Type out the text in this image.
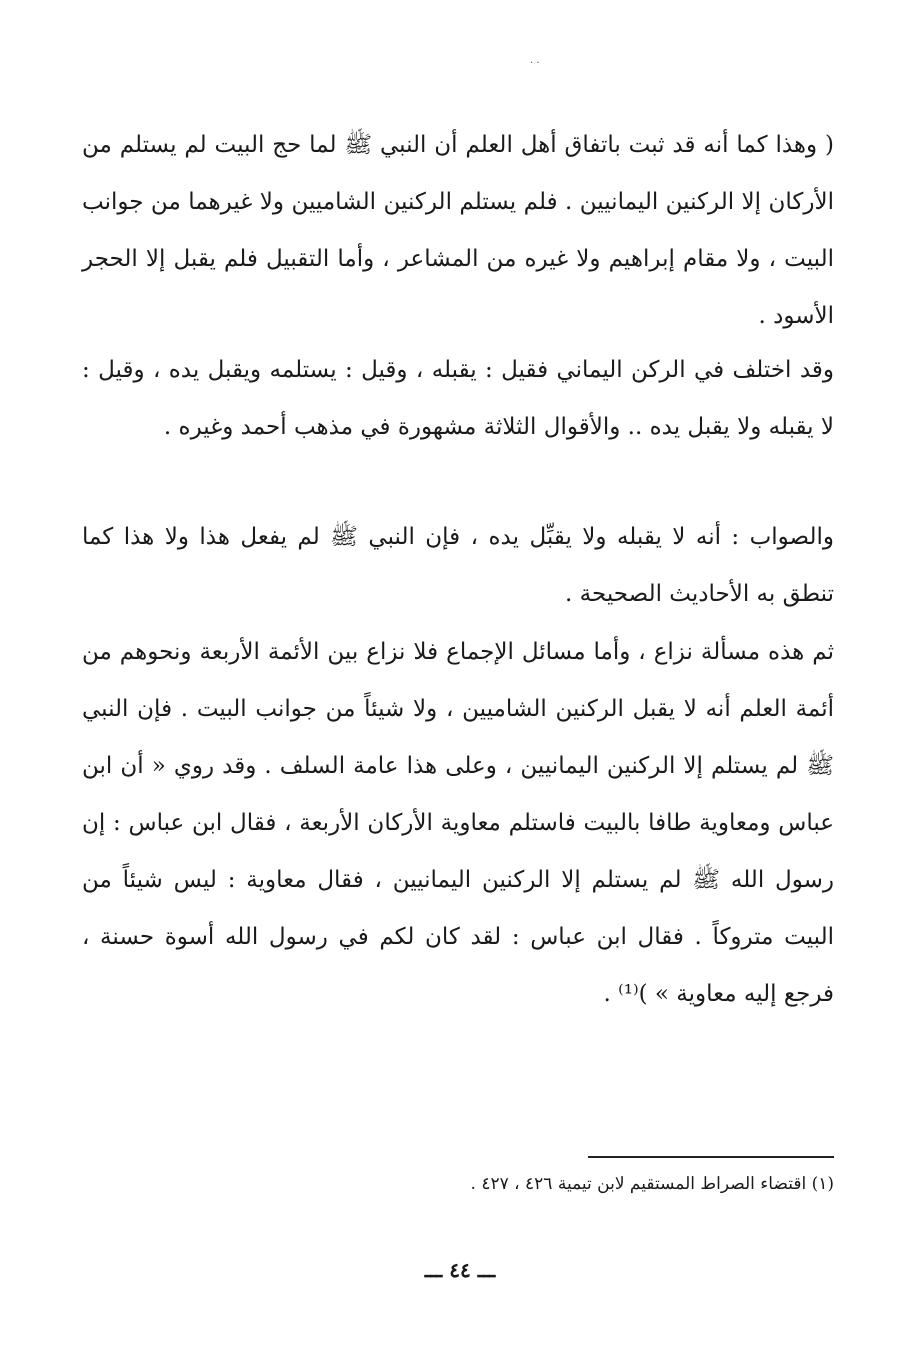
· ·

( وهذا كما أنه قد ثبت باتفاق أهل العلم أن النبي ﷺ لما حج البيت لم يستلم من الأركان إلا الركنين اليمانيين . فلم يستلم الركنين الشاميين ولا غيرهما من جوانب البيت ، ولا مقام إبراهيم ولا غيره من المشاعر ، وأما التقبيل فلم يقبل إلا الحجر الأسود .

وقد اختلف في الركن اليماني فقيل : يقبله ، وقيل : يستلمه ويقبل يده ، وقيل : لا يقبله ولا يقبل يده .. والأقوال الثلاثة مشهورة في مذهب أحمد وغيره .

والصواب : أنه لا يقبله ولا يقبِّل يده ، فإن النبي ﷺ لم يفعل هذا ولا هذا كما تنطق به الأحاديث الصحيحة .

ثم هذه مسألة نزاع ، وأما مسائل الإجماع فلا نزاع بين الأئمة الأربعة ونحوهم من أئمة العلم أنه لا يقبل الركنين الشاميين ، ولا شيئاً من جوانب البيت . فإن النبي ﷺ لم يستلم إلا الركنين اليمانيين ، وعلى هذا عامة السلف . وقد روي « أن ابن عباس ومعاوية طافا بالبيت فاستلم معاوية الأركان الأربعة ، فقال ابن عباس : إن رسول الله ﷺ لم يستلم إلا الركنين اليمانيين ، فقال معاوية : ليس شيئاً من البيت متروكاً . فقال ابن عباس : لقد كان لكم في رسول الله أسوة حسنة ، فرجع إليه معاوية » )⁽¹⁾ .

(١) اقتضاء الصراط المستقيم لابن تيمية ٤٢٦ ، ٤٢٧ .
ـــ ٤٤ ـــ
